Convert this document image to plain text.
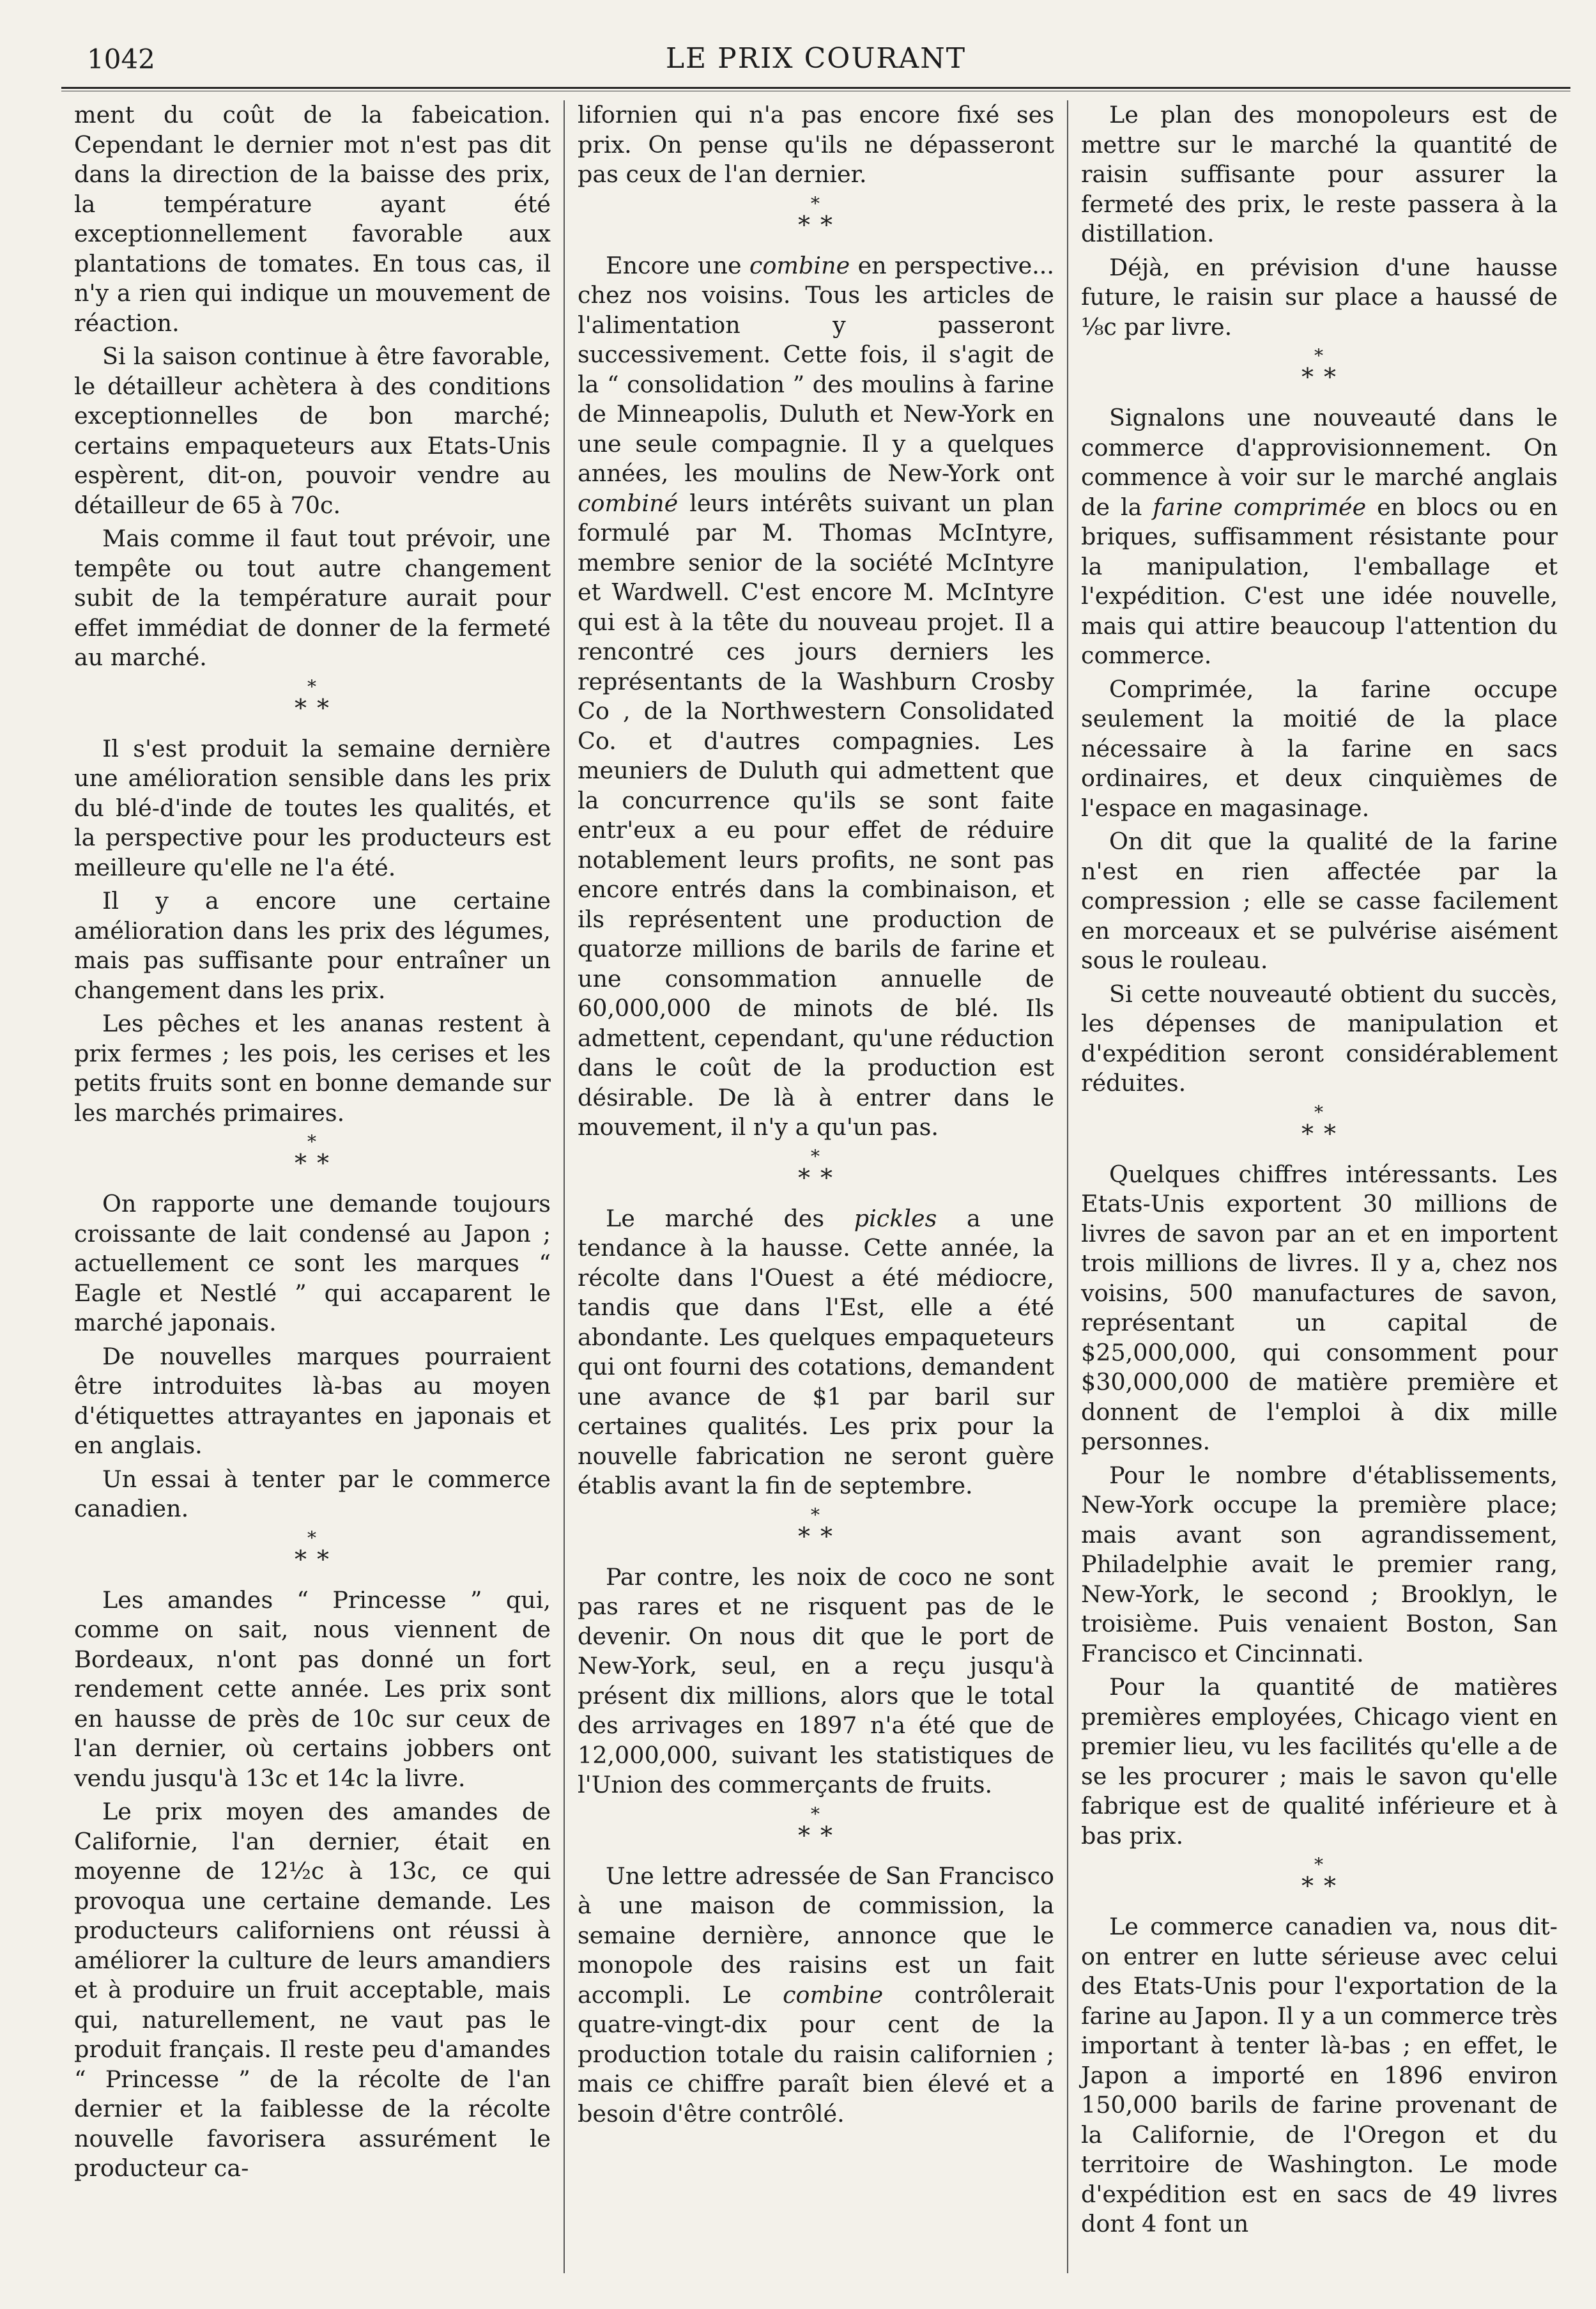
1042	LE PRIX COURANT

ment du coût de la fabeication. Cependant le dernier mot n'est pas dit dans la direction de la baisse des prix, la température ayant été exceptionnellement favorable aux plantations de tomates. En tous cas, il n'y a rien qui indique un mouvement de réaction.

Si la saison continue à être favorable, le détailleur achètera à des conditions exceptionnelles de bon marché; certains empaqueteurs aux Etats-Unis espèrent, dit-on, pouvoir vendre au détailleur de 65 à 70c.

Mais comme il faut tout prévoir, une tempête ou tout autre changement subit de la température aurait pour effet immédiat de donner de la fermeté au marché.

*
* *

Il s'est produit la semaine dernière une amélioration sensible dans les prix du blé-d'inde de toutes les qualités, et la perspective pour les producteurs est meilleure qu'elle ne l'a été.

Il y a encore une certaine amélioration dans les prix des légumes, mais pas suffisante pour entraîner un changement dans les prix.

Les pêches et les ananas restent à prix fermes ; les pois, les cerises et les petits fruits sont en bonne demande sur les marchés primaires.

*
* *

On rapporte une demande toujours croissante de lait condensé au Japon ; actuellement ce sont les marques “ Eagle et Nestlé ” qui accaparent le marché japonais.

De nouvelles marques pourraient être introduites là-bas au moyen d'étiquettes attrayantes en japonais et en anglais.

Un essai à tenter par le commerce canadien.

*
* *

Les amandes “ Princesse ” qui, comme on sait, nous viennent de Bordeaux, n'ont pas donné un fort rendement cette année. Les prix sont en hausse de près de 10c sur ceux de l'an dernier, où certains jobbers ont vendu jusqu'à 13c et 14c la livre.

Le prix moyen des amandes de Californie, l'an dernier, était en moyenne de 12½c à 13c, ce qui provoqua une certaine demande. Les producteurs californiens ont réussi à améliorer la culture de leurs amandiers et à produire un fruit acceptable, mais qui, naturellement, ne vaut pas le produit français. Il reste peu d'amandes “ Princesse ” de la récolte de l'an dernier et la faiblesse de la récolte nouvelle favorisera assurément le producteur ca-

lifornien qui n'a pas encore fixé ses prix. On pense qu'ils ne dépasseront pas ceux de l'an dernier.

*
* *

Encore une combine en perspective... chez nos voisins. Tous les articles de l'alimentation y passeront successivement. Cette fois, il s'agit de la “ consolidation ” des moulins à farine de Minneapolis, Duluth et New-York en une seule compagnie. Il y a quelques années, les moulins de New-York ont combiné leurs intérêts suivant un plan formulé par M. Thomas McIntyre, membre senior de la société McIntyre et Wardwell. C'est encore M. McIntyre qui est à la tête du nouveau projet. Il a rencontré ces jours derniers les représentants de la Washburn Crosby Co , de la Northwestern Consolidated Co. et d'autres compagnies. Les meuniers de Duluth qui admettent que la concurrence qu'ils se sont faite entr'eux a eu pour effet de réduire notablement leurs profits, ne sont pas encore entrés dans la combinaison, et ils représentent une production de quatorze millions de barils de farine et une consommation annuelle de 60,000,000 de minots de blé. Ils admettent, cependant, qu'une réduction dans le coût de la production est désirable. De là à entrer dans le mouvement, il n'y a qu'un pas.

*
* *

Le marché des pickles a une tendance à la hausse. Cette année, la récolte dans l'Ouest a été médiocre, tandis que dans l'Est, elle a été abondante. Les quelques empaqueteurs qui ont fourni des cotations, demandent une avance de $1 par baril sur certaines qualités. Les prix pour la nouvelle fabrication ne seront guère établis avant la fin de septembre.

*
* *

Par contre, les noix de coco ne sont pas rares et ne risquent pas de le devenir. On nous dit que le port de New-York, seul, en a reçu jusqu'à présent dix millions, alors que le total des arrivages en 1897 n'a été que de 12,000,000, suivant les statistiques de l'Union des commerçants de fruits.

*
* *

Une lettre adressée de San Francisco à une maison de commission, la semaine dernière, annonce que le monopole des raisins est un fait accompli. Le combine contrôlerait quatre-vingt-dix pour cent de la production totale du raisin californien ; mais ce chiffre paraît bien élevé et a besoin d'être contrôlé.

Le plan des monopoleurs est de mettre sur le marché la quantité de raisin suffisante pour assurer la fermeté des prix, le reste passera à la distillation.

Déjà, en prévision d'une hausse future, le raisin sur place a haussé de ⅛c par livre.

*
* *

Signalons une nouveauté dans le commerce d'approvisionnement. On commence à voir sur le marché anglais de la farine comprimée en blocs ou en briques, suffisamment résistante pour la manipulation, l'emballage et l'expédition. C'est une idée nouvelle, mais qui attire beaucoup l'attention du commerce.

Comprimée, la farine occupe seulement la moitié de la place nécessaire à la farine en sacs ordinaires, et deux cinquièmes de l'espace en magasinage.

On dit que la qualité de la farine n'est en rien affectée par la compression ; elle se casse facilement en morceaux et se pulvérise aisément sous le rouleau.

Si cette nouveauté obtient du succès, les dépenses de manipulation et d'expédition seront considérablement réduites.

*
* *

Quelques chiffres intéressants. Les Etats-Unis exportent 30 millions de livres de savon par an et en importent trois millions de livres. Il y a, chez nos voisins, 500 manufactures de savon, représentant un capital de $25,000,000, qui consomment pour $30,000,000 de matière première et donnent de l'emploi à dix mille personnes.

Pour le nombre d'établissements, New-York occupe la première place; mais avant son agrandissement, Philadelphie avait le premier rang, New-York, le second ; Brooklyn, le troisième. Puis venaient Boston, San Francisco et Cincinnati.

Pour la quantité de matières premières employées, Chicago vient en premier lieu, vu les facilités qu'elle a de se les procurer ; mais le savon qu'elle fabrique est de qualité inférieure et à bas prix.

*
* *

Le commerce canadien va, nous dit-on entrer en lutte sérieuse avec celui des Etats-Unis pour l'exportation de la farine au Japon. Il y a un commerce très important à tenter là-bas ; en effet, le Japon a importé en 1896 environ 150,000 barils de farine provenant de la Californie, de l'Oregon et du territoire de Washington. Le mode d'expédition est en sacs de 49 livres dont 4 font un
